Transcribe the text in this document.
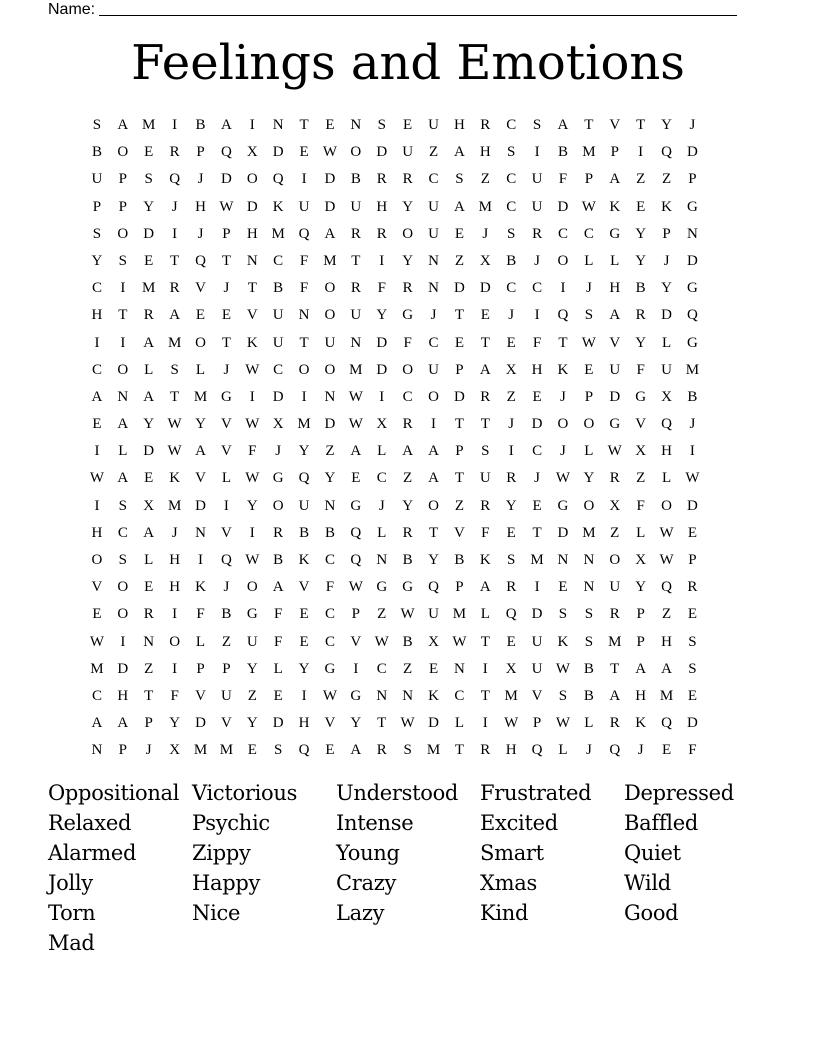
Name:
Feelings and Emotions
S	A M	I	B	A	I	N	T	E	N	S	E	U	H	R	C	S	A	T	V	T	Y	J
B	O	E	R	P	Q	X	D	E W O	D	U	Z	A	H	S	I	B M	P	I	Q	D
U	P	S	Q	J	D	O	Q	I	D	B	R	R	C	S	Z	C	U	F	P	A	Z	Z	P
P	P	Y	J	H W D	K	U	D	U	H	Y	U	A M C	U	D W K	E	K	G
S	O	D	I	J	P	H M Q	A	R	R	O	U	E	J	S	R	C	C	G	Y	P	N
Y	S	E	T	Q	T	N	C	F	M T	I	Y	N	Z	X	B	J	O	L	L	Y	J	D
C	I	M R	V	J	T	B	F	O	R	F	R	N	D	D	C	C	I	J	H	B	Y	G
H	T	R	A	E	E	V	U	N	O	U	Y	G	J	T	E	J	I	Q	S	A	R	D	Q
I	I	A M O	T	K	U	T	U	N	D	F	C	E	T	E	F	T W V	Y	L	G
C	O	L	S	L	J	W C	O	O M D	O	U	P	A	X	H	K	E	U	F	U M
A	N	A	T M G	I	D	I	N W	I	C	O	D	R	Z	E	J	P	D	G	X	B
E	A	Y W Y	V W X M D W X	R	I	T	T	J	D	O	O	G	V	Q	J
I	L	D W A	V	F	J	Y	Z	A	L	A	A	P	S	I	C	J	L W X	H	I
W A	E	K	V	L W G	Q	Y	E	C	Z	A	T	U	R	J	W Y	R	Z	L W
I	S	X M D	I	Y	O	U	N	G	J	Y	O	Z	R	Y	E	G	O	X	F	O	D
H	C	A	J	N	V	I	R	B	B	Q	L	R	T	V	F	E	T	D M Z	L W E
O	S	L	H	I	Q W B	K	C	Q	N	B	Y	B	K	S	M N	N	O	X W P
V	O	E	H	K	J	O	A	V	F W G	G	Q	P	A	R	I	E	N	U	Y	Q	R
E	O	R	I	F	B	G	F	E	C	P	Z W U M L	Q	D	S	S	R	P	Z	E
W	I	N	O	L	Z	U	F	E	C	V W B	X W T	E	U	K	S	M	P	H	S
M D	Z	I	P	P	Y	L	Y	G	I	C	Z	E	N	I	X	U W B	T	A	A	S
C	H	T	F	V	U	Z	E	I	W G	N	N	K	C	T M V	S	B	A	H M E
A	A	P	Y	D	V	Y	D	H	V	Y	T W D	L	I	W P W L	R	K	Q	D
N	P	J	X M M E	S	Q	E	A	R	S	M T	R	H	Q	L	J	Q	J	E	F
Oppositional Victorious	Understood	Frustrated	Depressed
Relaxed	Psychic	Intense	Excited	Baffled
Alarmed	Zippy	Young	Smart	Quiet
Jolly	Happy	Crazy	Xmas	Wild
Torn	Nice	Lazy	Kind	Good
Mad
